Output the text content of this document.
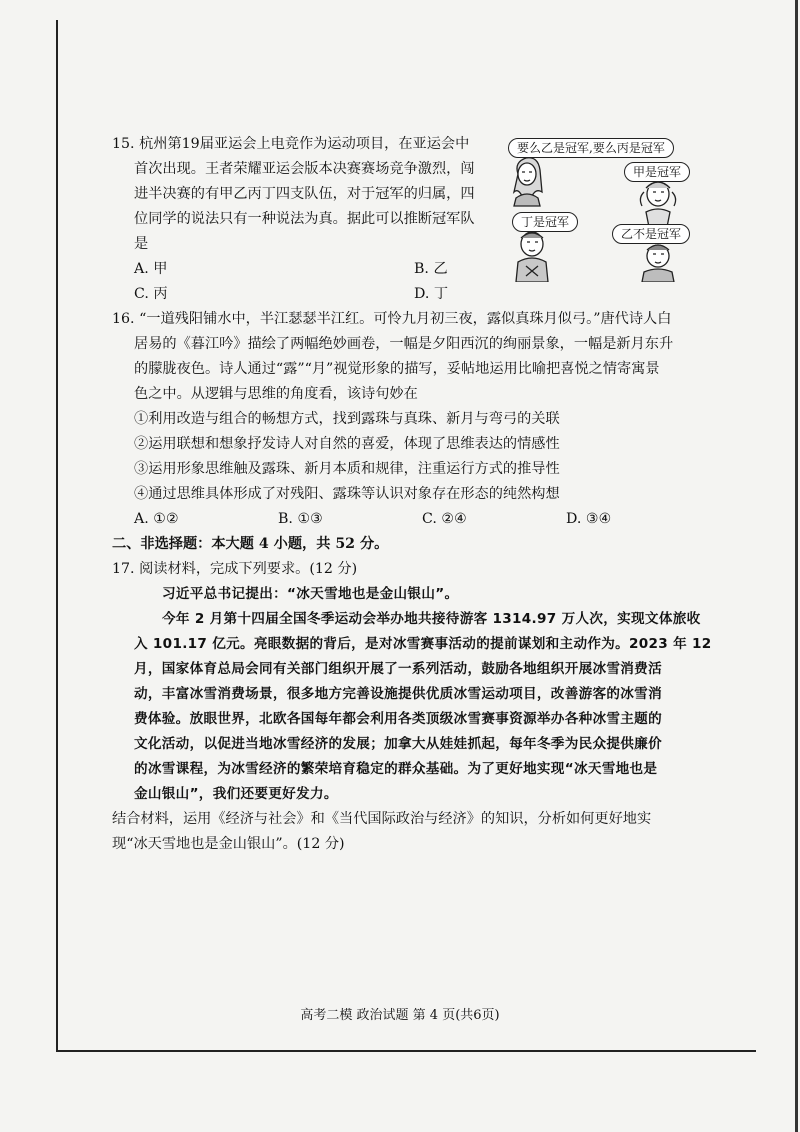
15. 杭州第19届亚运会上电竞作为运动项目，在亚运会中
首次出现。王者荣耀亚运会版本决赛赛场竞争激烈，闯
进半决赛的有甲乙丙丁四支队伍，对于冠军的归属，四
位同学的说法只有一种说法为真。据此可以推断冠军队
是
A. 甲	B. 乙
C. 丙	D. 丁
16. “一道残阳铺水中，半江瑟瑟半江红。可怜九月初三夜，露似真珠月似弓。”唐代诗人白
居易的《暮江吟》描绘了两幅绝妙画卷，一幅是夕阳西沉的绚丽景象，一幅是新月东升
的朦胧夜色。诗人通过“露”“月”视觉形象的描写，妥帖地运用比喻把喜悦之情寄寓景
色之中。从逻辑与思维的角度看，该诗句妙在
①利用改造与组合的畅想方式，找到露珠与真珠、新月与弯弓的关联
②运用联想和想象抒发诗人对自然的喜爱，体现了思维表达的情感性
③运用形象思维触及露珠、新月本质和规律，注重运行方式的推导性
④通过思维具体形成了对残阳、露珠等认识对象存在形态的纯然构想
A. ①②	B. ①③	C. ②④	D. ③④
二、非选择题：本大题 4 小题，共 52 分。
17. 阅读材料，完成下列要求。(12 分)

习近平总书记提出：“冰天雪地也是金山银山”。

今年 2 月第十四届全国冬季运动会举办地共接待游客 1314.97 万人次，实现文体旅收

入 101.17 亿元。亮眼数据的背后，是对冰雪赛事活动的提前谋划和主动作为。2023 年 12

月，国家体育总局会同有关部门组织开展了一系列活动，鼓励各地组织开展冰雪消费活

动，丰富冰雪消费场景，很多地方完善设施提供优质冰雪运动项目，改善游客的冰雪消

费体验。放眼世界，北欧各国每年都会利用各类顶级冰雪赛事资源举办各种冰雪主题的

文化活动，以促进当地冰雪经济的发展；加拿大从娃娃抓起，每年冬季为民众提供廉价

的冰雪课程，为冰雪经济的繁荣培育稳定的群众基础。为了更好地实现“冰天雪地也是

金山银山”，我们还要更好发力。

结合材料，运用《经济与社会》和《当代国际政治与经济》的知识，分析如何更好地实

现“冰天雪地也是金山银山”。(12 分)

要么乙是冠军,要么丙是冠军
甲是冠军
丁是冠军
乙不是冠军
高考二模 政治试题 第 4 页(共6页)
